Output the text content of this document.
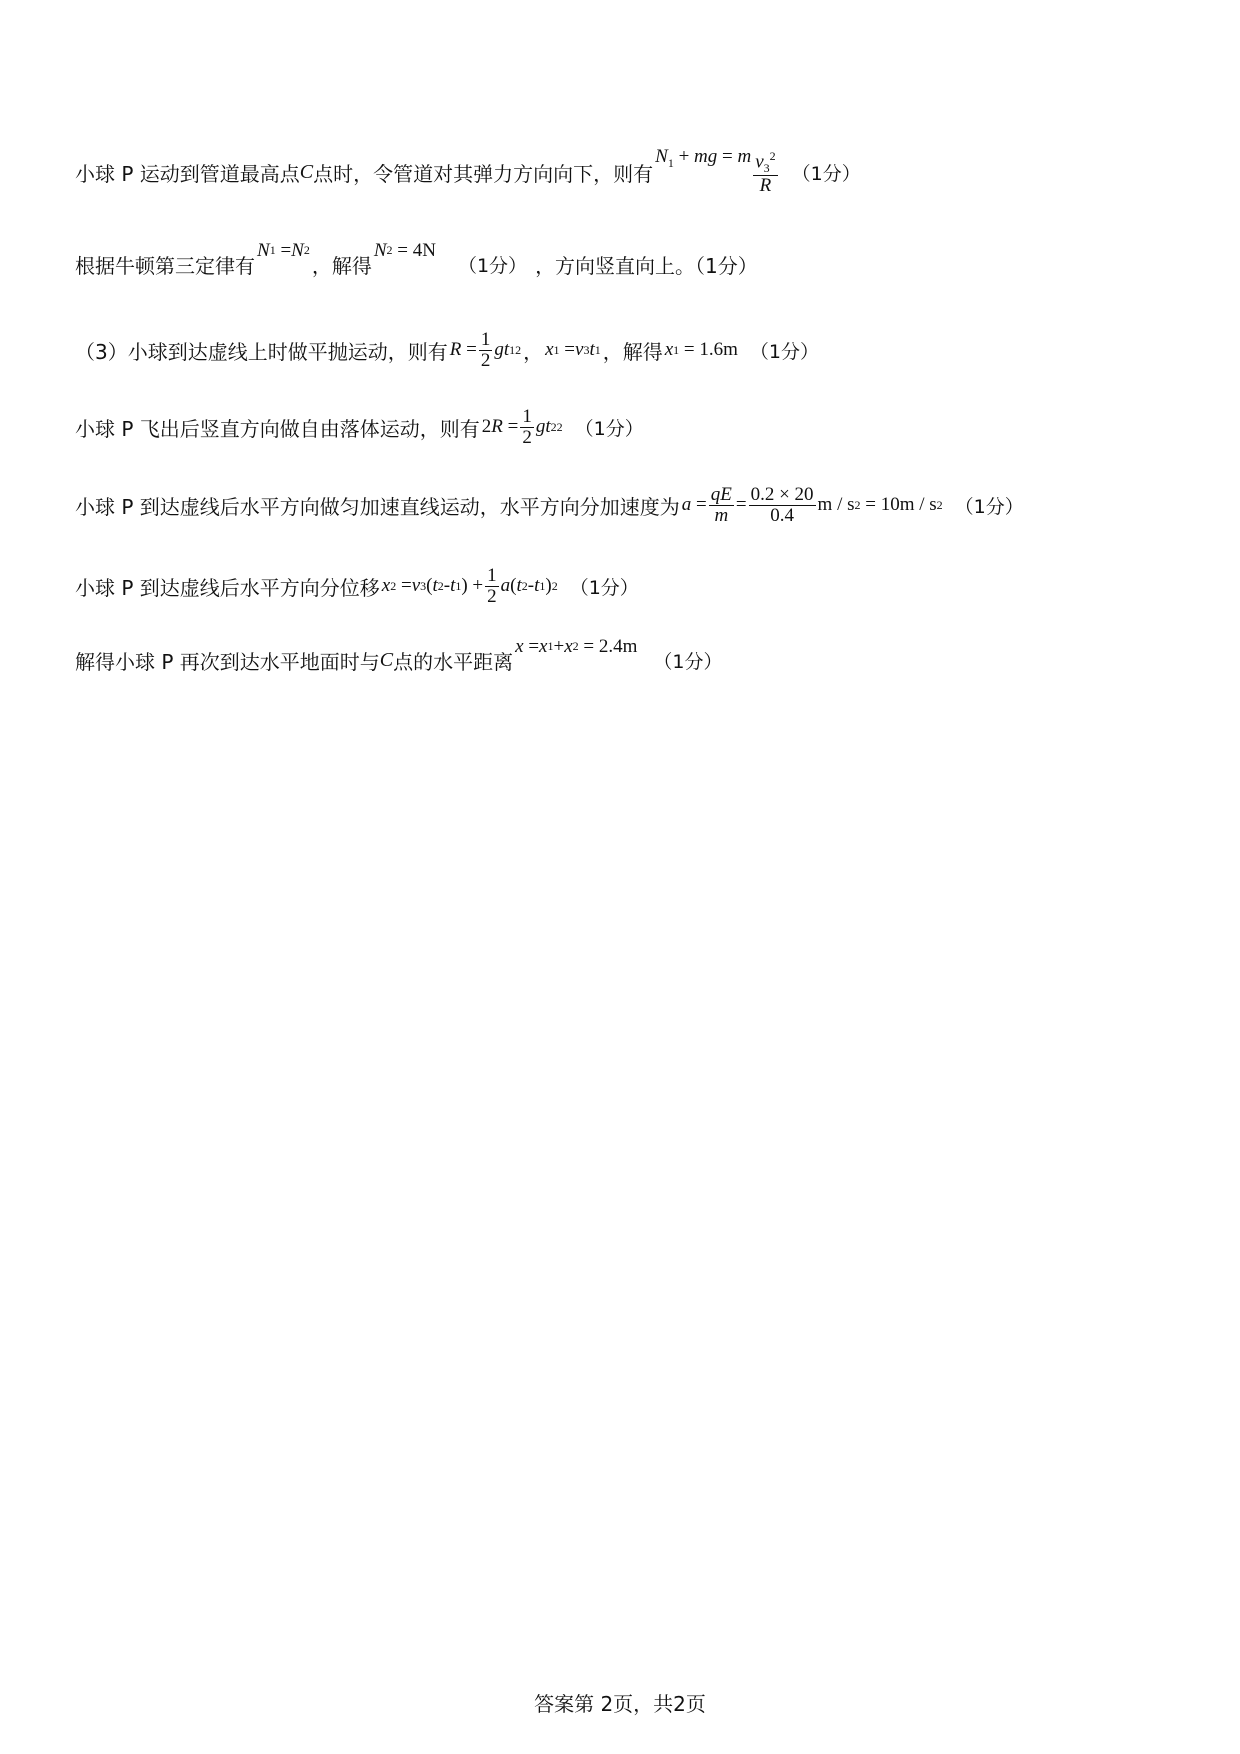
小球 P 运动到管道最高点 C 点时，令管道对其弹力方向向下，则有
$N_1$ + mg = m $\frac{v_3^2}{R} (1$分）
根据牛顿第三定律有
N 1 = N 2
，解得
N 2 = 4N
（1分） ，方向竖直向上。（1分）
（3）小球到达虚线上时做平抛运动，则有 $R = \frac{1}{2}$ gt 1 2 ， x 1 = v 3 t 1 ，解得 x 1 = 1.6m （1分）
小球 P 飞出后竖直方向做自由落体运动，则有 2 $R = \frac{1}{2}$ gt 2 2 （1分）
小球 P 到达虚线后水平方向做匀加速直线运动，水平方向分加速度为 $a = \frac{qE}{m} = \frac{0.2 \times 20}{0.4}$ m / s 2 = 10m / s 2 （1分）
小球 P 到达虚线后水平方向分位移 x 2 = v 3 ( t 2 - t 1 ) + $\frac{1}{2}$ a ( t 2 - t 1 ) 2 （1分）
解得小球 P 再次到达水平地面时与 C 点的水平距离
x = x 1 + x 2 = 2.4m
（1分）
答案第 2页，共2页
